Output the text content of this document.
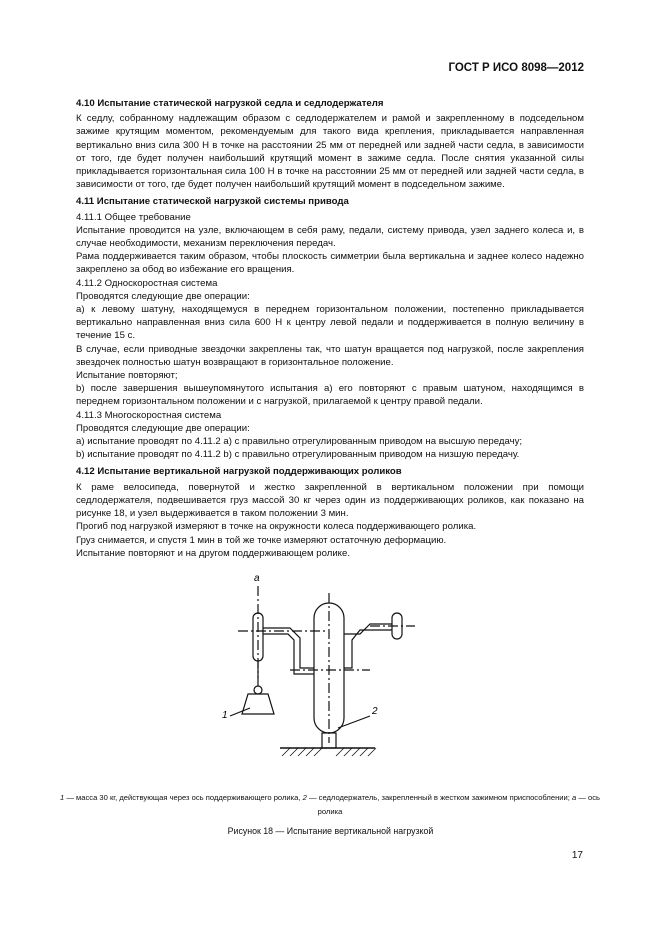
ГОСТ Р ИСО 8098—2012
4.10 Испытание статической нагрузкой седла и седлодержателя

К седлу, собранному надлежащим образом с седлодержателем и рамой и закрепленному в подседельном зажиме крутящим моментом, рекомендуемым для такого вида крепления, прикладывается направленная вертикально вниз сила 300 Н в точке на расстоянии 25 мм от передней или задней части седла, в зависимости от того, где будет получен наибольший крутящий момент в зажиме седла. После снятия указанной силы прикладывается горизонтальная сила 100 Н в точке на расстоянии 25 мм от передней или задней части седла, в зависимости от того, где будет получен наибольший крутящий момент в подседельном зажиме.

4.11 Испытание статической нагрузкой системы привода

4.11.1 Общее требование

Испытание проводится на узле, включающем в себя раму, педали, систему привода, узел заднего колеса и, в случае необходимости, механизм переключения передач.

Рама поддерживается таким образом, чтобы плоскость симметрии была вертикальна и заднее колесо надежно закреплено за обод во избежание его вращения.

4.11.2 Односкоростная система

Проводятся следующие две операции:

а) к левому шатуну, находящемуся в переднем горизонтальном положении, постепенно прикладывается вертикально направленная вниз сила 600 Н к центру левой педали и поддерживается в полную величину в течение 15 с.

В случае, если приводные звездочки закреплены так, что шатун вращается под нагрузкой, после закрепления звездочек полностью шатун возвращают в горизонтальное положение.

Испытание повторяют;

b) после завершения вышеупомянутого испытания а) его повторяют с правым шатуном, находящимся в переднем горизонтальном положении и с нагрузкой, прилагаемой к центру правой педали.

4.11.3 Многоскоростная система

Проводятся следующие две операции:

а) испытание проводят по 4.11.2 а) с правильно отрегулированным приводом на высшую передачу;

b) испытание проводят по 4.11.2 b) с правильно отрегулированным приводом на низшую передачу.

4.12 Испытание вертикальной нагрузкой поддерживающих роликов

К раме велосипеда, повернутой и жестко закрепленной в вертикальном положении при помощи седлодержателя, подвешивается груз массой 30 кг через один из поддерживающих роликов, как показано на рисунке 18, и узел выдерживается в таком положении 3 мин.

Прогиб под нагрузкой измеряют в точке на окружности колеса поддерживающего ролика.

Груз снимается, и спустя 1 мин в той же точке измеряют остаточную деформацию.

Испытание повторяют и на другом поддерживающем ролике.

а
1	2
1 — масса 30 кг, действующая через ось поддерживающего ролика, 2 — седлодержатель, закрепленный в жестком зажимном приспособлении; а — ось ролика
Рисунок 18 — Испытание вертикальной нагрузкой
17
